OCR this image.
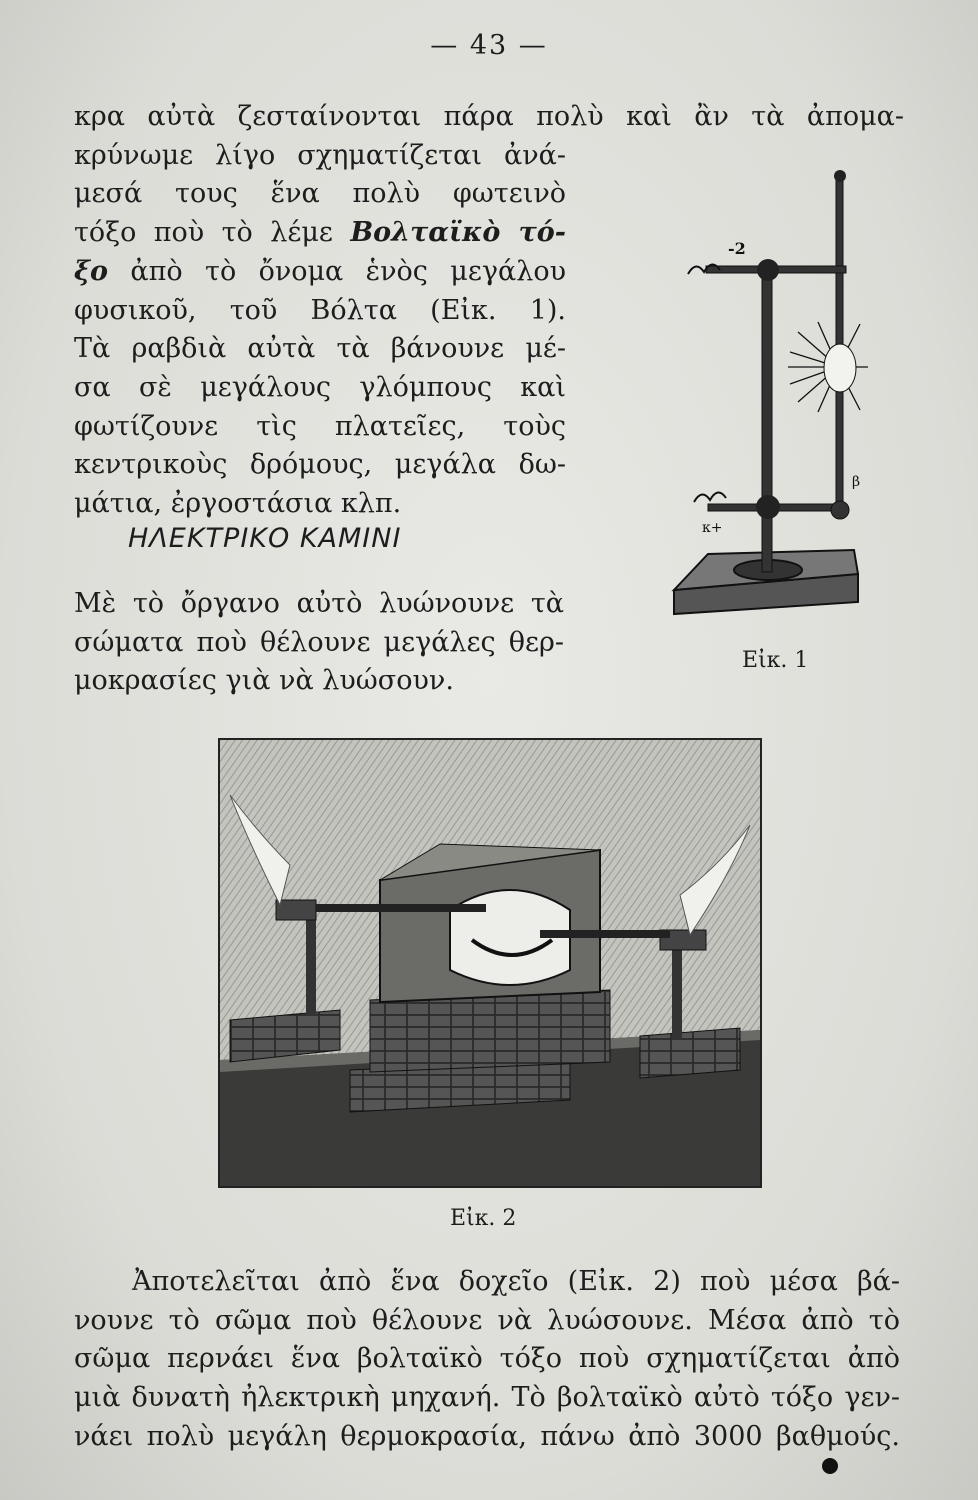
— 43 —
κρα αὐτὰ ζεσταίνονται πάρα πολὺ καὶ ἂν τὰ ἀπομα-
κρύνωμε λίγο σχηματίζεται ἀνά-
μεσά τους ἕνα πολὺ φωτεινὸ
τόξο ποὺ τὸ λέμε Βολταϊκὸ τό-
ξο ἀπὸ τὸ ὄνομα ἑνὸς μεγάλου
φυσικοῦ, τοῦ Βόλτα (Εἰκ. 1).
Τὰ ραβδιὰ αὐτὰ τὰ βάνουνε μέ-
σα σὲ μεγάλους γλόμπους καὶ
φωτίζουνε τὶς πλατεῖες, τοὺς
κεντρικοὺς δρόμους, μεγάλα δω-
μάτια, ἐργοστάσια κλπ.
ΗΛΕΚΤΡΙΚΟ ΚΑΜΙΝΙ
Μὲ τὸ ὄργανο αὐτὸ λυώνουνε τὰ
σώματα ποὺ θέλουνε μεγάλες θερ-
μοκρασίες γιὰ νὰ λυώσουν.
-2
κ+
β
Εἰκ. 1
Εἰκ. 2
Ἀποτελεῖται ἀπὸ ἕνα δοχεῖο (Εἰκ. 2) ποὺ μέσα βά-
νουνε τὸ σῶμα ποὺ θέλουνε νὰ λυώσουνε. Μέσα ἀπὸ τὸ
σῶμα περνάει ἕνα βολταϊκὸ τόξο ποὺ σχηματίζεται ἀπὸ
μιὰ δυνατὴ ἠλεκτρικὴ μηχανή. Τὸ βολταϊκὸ αὐτὸ τόξο γεν-
νάει πολὺ μεγάλη θερμοκρασία, πάνω ἀπὸ 3000 βαθμούς.
